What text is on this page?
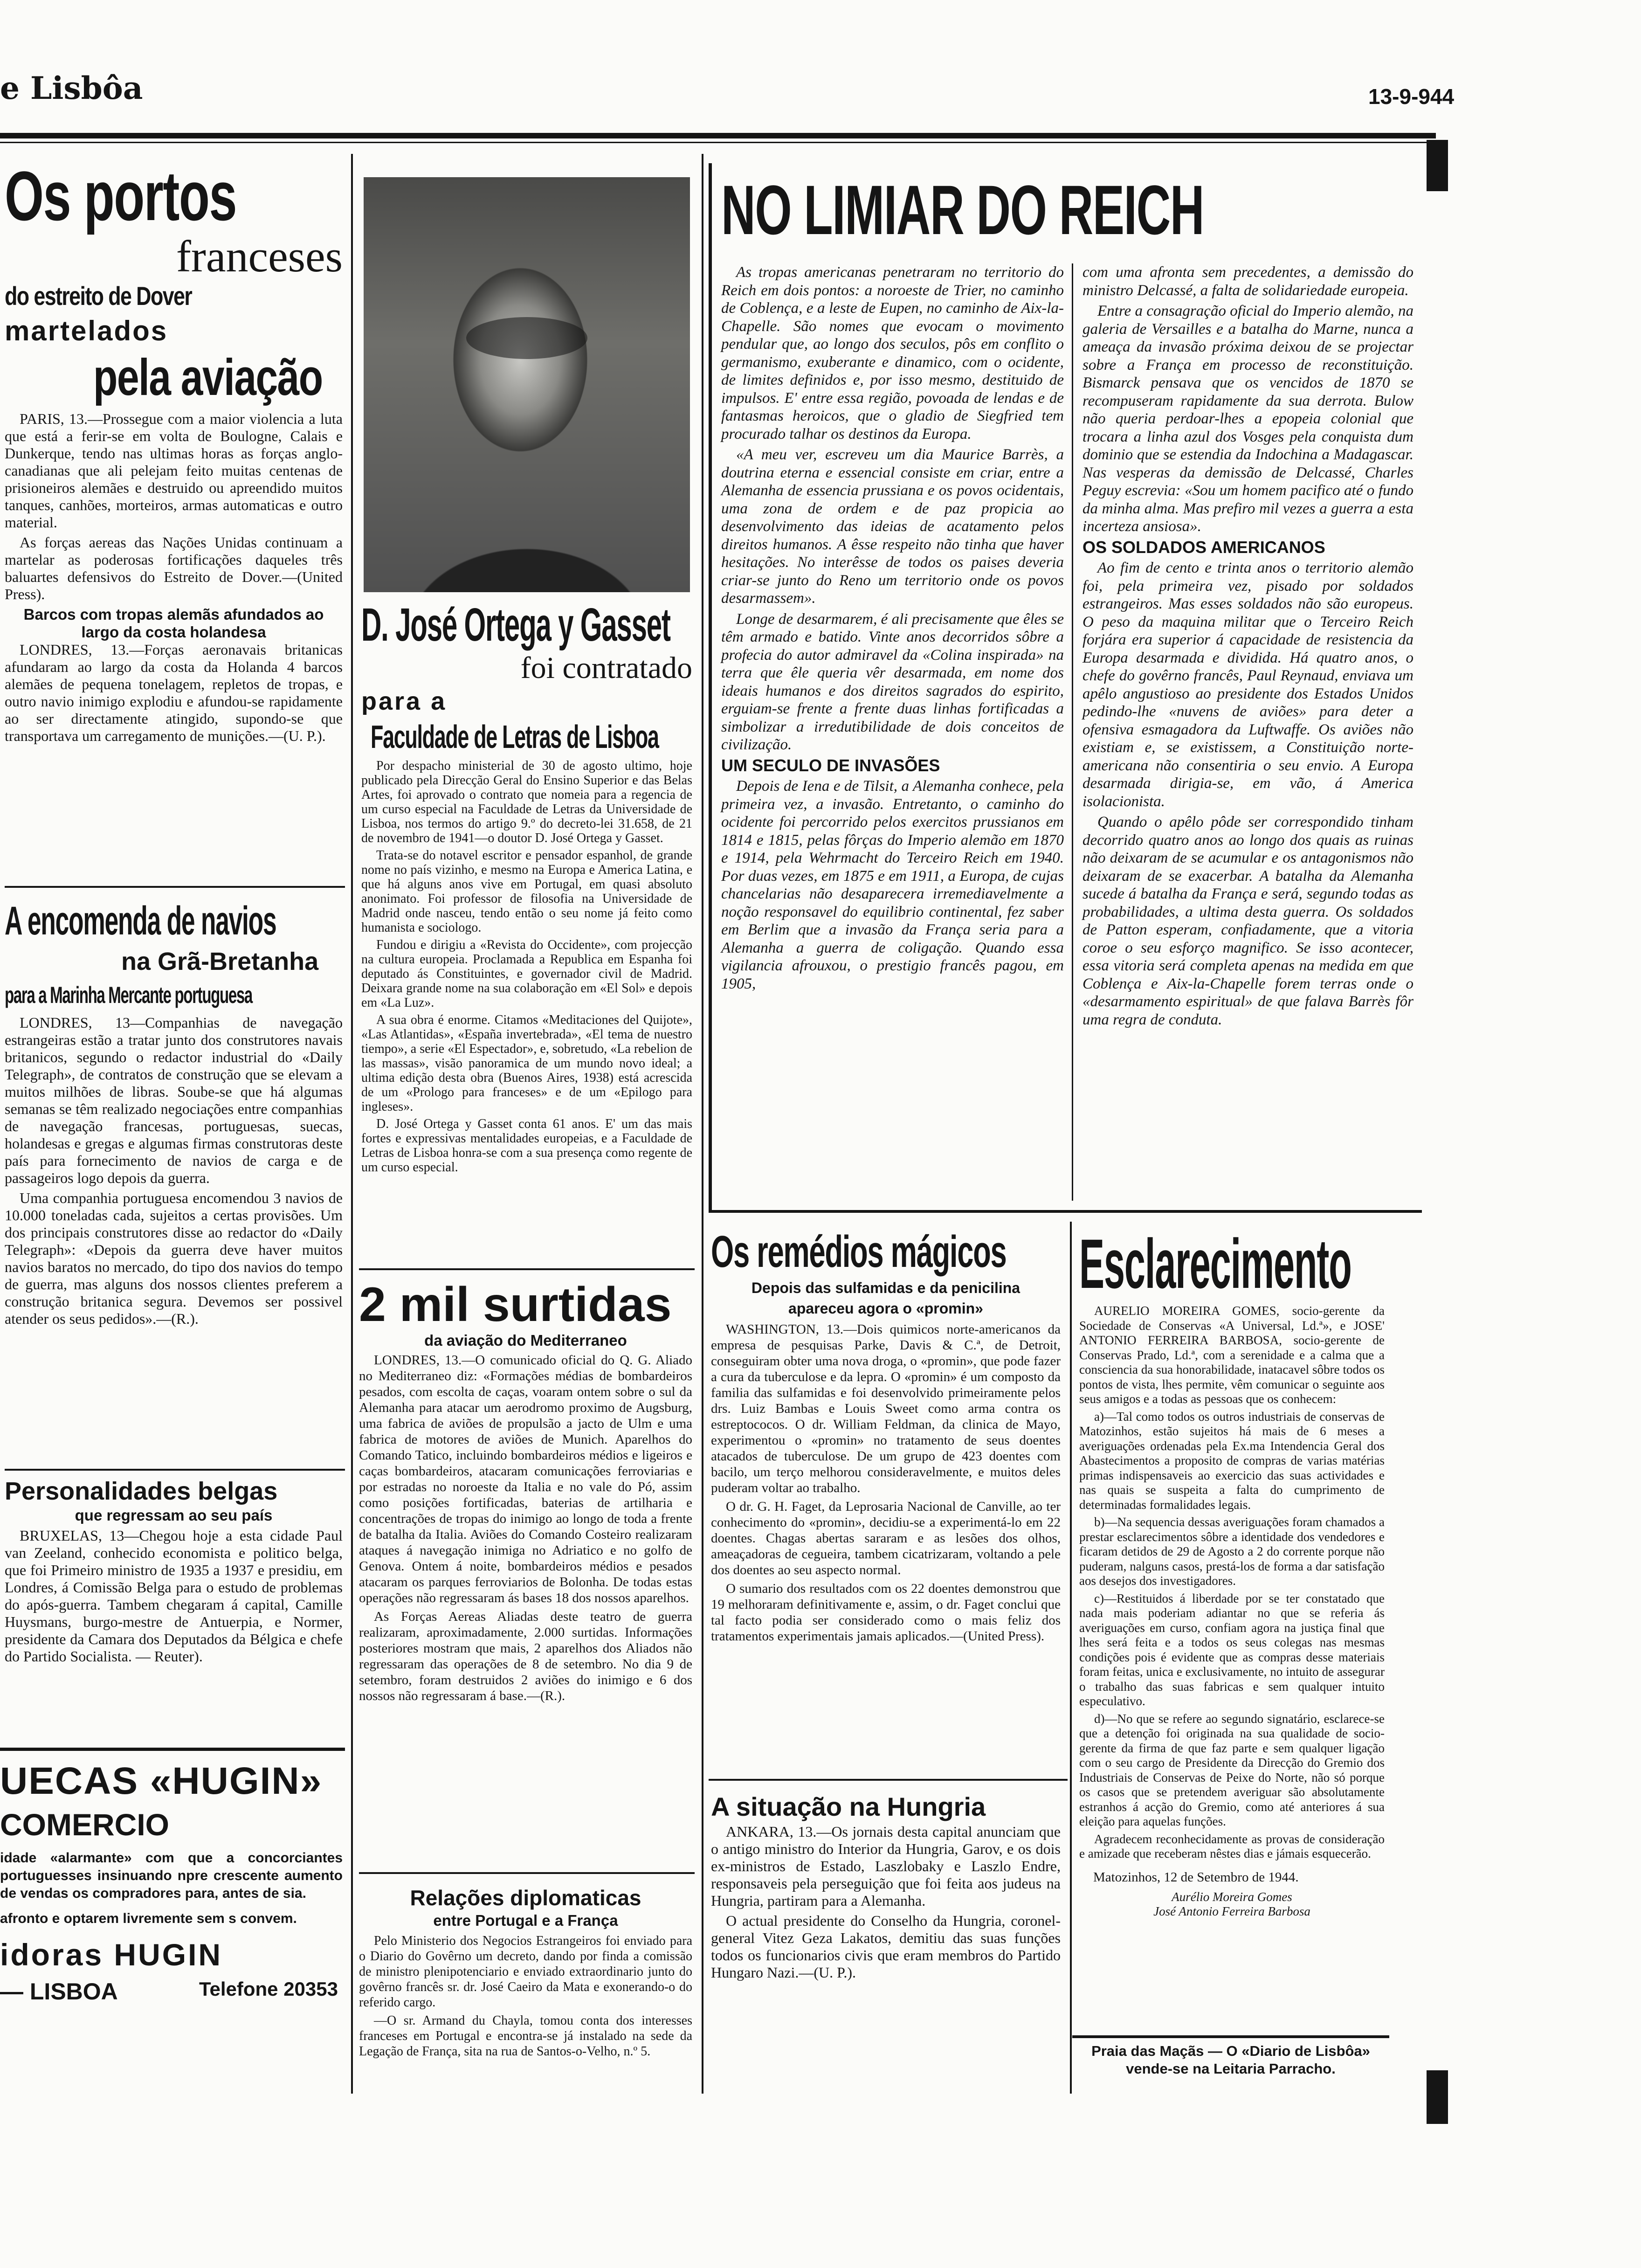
e Lisbôa	13-9-944
Os portos
franceses
do estreito de Dover
martelados
pela aviação

PARIS, 13.—Prossegue com a maior violencia a luta que está a ferir-se em volta de Boulogne, Calais e Dunkerque, tendo nas ultimas horas as forças anglo-canadianas que ali pelejam feito muitas centenas de prisioneiros alemães e destruido ou apreendido muitos tanques, canhões, morteiros, armas automaticas e outro material.

As forças aereas das Nações Unidas continuam a martelar as poderosas fortificações daqueles três baluartes defensivos do Estreito de Dover.—(United Press).

Barcos com tropas alemãs afundados ao largo da costa holandesa

LONDRES, 13.—Forças aeronavais britanicas afundaram ao largo da costa da Holanda 4 barcos alemães de pequena tonelagem, repletos de tropas, e outro navio inimigo explodiu e afundou-se rapidamente ao ser directamente atingido, supondo-se que transportava um carregamento de munições.—(U. P.).

A encomenda de navios
na Grã-Bretanha
para a Marinha Mercante portuguesa

LONDRES, 13—Companhias de navegação estrangeiras estão a tratar junto dos construtores navais britanicos, segundo o redactor industrial do «Daily Telegraph», de contratos de construção que se elevam a muitos milhões de libras. Soube-se que há algumas semanas se têm realizado negociações entre companhias de navegação francesas, portuguesas, suecas, holandesas e gregas e algumas firmas construtoras deste país para fornecimento de navios de carga e de passageiros logo depois da guerra.

Uma companhia portuguesa encomendou 3 navios de 10.000 toneladas cada, sujeitos a certas provisões. Um dos principais construtores disse ao redactor do «Daily Telegraph»: «Depois da guerra deve haver muitos navios baratos no mercado, do tipo dos navios do tempo de guerra, mas alguns dos nossos clientes preferem a construção britanica segura. Devemos ser possivel atender os seus pedidos».—(R.).

Personalidades belgas
que regressam ao seu país

BRUXELAS, 13—Chegou hoje a esta cidade Paul van Zeeland, conhecido economista e politico belga, que foi Primeiro ministro de 1935 a 1937 e presidiu, em Londres, á Comissão Belga para o estudo de problemas do após-guerra. Tambem chegaram á capital, Camille Huysmans, burgo-mestre de Antuerpia, e Normer, presidente da Camara dos Deputados da Bélgica e chefe do Partido Socialista. — Reuter).

UECAS «HUGIN»
COMERCIO

idade «alarmante» com que a concorciantes portuguesses insinuando npre crescente aumento de vendas os compradores para, antes de sia.

afronto e optarem livremente sem s convem.

idoras HUGIN
— LISBOA	Telefone 20353
D. José Ortega y Gasset
foi contratado
para a
Faculdade de Letras de Lisboa

Por despacho ministerial de 30 de agosto ultimo, hoje publicado pela Direcção Geral do Ensino Superior e das Belas Artes, foi aprovado o contrato que nomeia para a regencia de um curso especial na Faculdade de Letras da Universidade de Lisboa, nos termos do artigo 9.º do decreto-lei 31.658, de 21 de novembro de 1941—o doutor D. José Ortega y Gasset.

Trata-se do notavel escritor e pensador espanhol, de grande nome no país vizinho, e mesmo na Europa e America Latina, e que há alguns anos vive em Portugal, em quasi absoluto anonimato. Foi professor de filosofia na Universidade de Madrid onde nasceu, tendo então o seu nome já feito como humanista e sociologo.

Fundou e dirigiu a «Revista do Occidente», com projecção na cultura europeia. Proclamada a Republica em Espanha foi deputado ás Constituintes, e governador civil de Madrid. Deixara grande nome na sua colaboração em «El Sol» e depois em «La Luz».

A sua obra é enorme. Citamos «Meditaciones del Quijote», «Las Atlantidas», «España invertebrada», «El tema de nuestro tiempo», a serie «El Espectador», e, sobretudo, «La rebelion de las massas», visão panoramica de um mundo novo ideal; a ultima edição desta obra (Buenos Aires, 1938) está acrescida de um «Prologo para franceses» e de um «Epilogo para ingleses».

D. José Ortega y Gasset conta 61 anos. E' um das mais fortes e expressivas mentalidades europeias, e a Faculdade de Letras de Lisboa honra-se com a sua presença como regente de um curso especial.

2 mil surtidas
da aviação do Mediterraneo

LONDRES, 13.—O comunicado oficial do Q. G. Aliado no Mediterraneo diz: «Formações médias de bombardeiros pesados, com escolta de caças, voaram ontem sobre o sul da Alemanha para atacar um aerodromo proximo de Augsburg, uma fabrica de aviões de propulsão a jacto de Ulm e uma fabrica de motores de aviões de Munich. Aparelhos do Comando Tatico, incluindo bombardeiros médios e ligeiros e caças bombardeiros, atacaram comunicações ferroviarias e por estradas no noroeste da Italia e no vale do Pó, assim como posições fortificadas, baterias de artilharia e concentrações de tropas do inimigo ao longo de toda a frente de batalha da Italia. Aviões do Comando Costeiro realizaram ataques á navegação inimiga no Adriatico e no golfo de Genova. Ontem á noite, bombardeiros médios e pesados atacaram os parques ferroviarios de Bolonha. De todas estas operações não regressaram ás bases 18 dos nossos aparelhos.

As Forças Aereas Aliadas deste teatro de guerra realizaram, aproximadamente, 2.000 surtidas. Informações posteriores mostram que mais, 2 aparelhos dos Aliados não regressaram das operações de 8 de setembro. No dia 9 de setembro, foram destruidos 2 aviões do inimigo e 6 dos nossos não regressaram á base.—(R.).

Relações diplomaticas
entre Portugal e a França

Pelo Ministerio dos Negocios Estrangeiros foi enviado para o Diario do Govêrno um decreto, dando por finda a comissão de ministro plenipotenciario e enviado extraordinario junto do govêrno francês sr. dr. José Caeiro da Mata e exonerando-o do referido cargo.

—O sr. Armand du Chayla, tomou conta dos interesses franceses em Portugal e encontra-se já instalado na sede da Legação de França, sita na rua de Santos-o-Velho, n.º 5.

NO LIMIAR DO REICH

As tropas americanas penetraram no territorio do Reich em dois pontos: a noroeste de Trier, no caminho de Coblença, e a leste de Eupen, no caminho de Aix-la-Chapelle. São nomes que evocam o movimento pendular que, ao longo dos seculos, pôs em conflito o germanismo, exuberante e dinamico, com o ocidente, de limites definidos e, por isso mesmo, destituido de impulsos. E' entre essa região, povoada de lendas e de fantasmas heroicos, que o gladio de Siegfried tem procurado talhar os destinos da Europa.

«A meu ver, escreveu um dia Maurice Barrès, a doutrina eterna e essencial consiste em criar, entre a Alemanha de essencia prussiana e os povos ocidentais, uma zona de ordem e de paz propicia ao desenvolvimento das ideias de acatamento pelos direitos humanos. A êsse respeito não tinha que haver hesitações. No interêsse de todos os paises deveria criar-se junto do Reno um territorio onde os povos desarmassem».

Longe de desarmarem, é ali precisamente que êles se têm armado e batido. Vinte anos decorridos sôbre a profecia do autor admiravel da «Colina inspirada» na terra que êle queria vêr desarmada, em nome dos ideais humanos e dos direitos sagrados do espirito, erguiam-se frente a frente duas linhas fortificadas a simbolizar a irredutibilidade de dois conceitos de civilização.

UM SECULO DE INVASÕES

Depois de Iena e de Tilsit, a Alemanha conhece, pela primeira vez, a invasão. Entretanto, o caminho do ocidente foi percorrido pelos exercitos prussianos em 1814 e 1815, pelas fôrças do Imperio alemão em 1870 e 1914, pela Wehrmacht do Terceiro Reich em 1940. Por duas vezes, em 1875 e em 1911, a Europa, de cujas chancelarias não desaparecera irremediavelmente a noção responsavel do equilibrio continental, fez saber em Berlim que a invasão da França seria para a Alemanha a guerra de coligação. Quando essa vigilancia afrouxou, o prestigio francês pagou, em 1905,

com uma afronta sem precedentes, a demissão do ministro Delcassé, a falta de solidariedade europeia.

Entre a consagração oficial do Imperio alemão, na galeria de Versailles e a batalha do Marne, nunca a ameaça da invasão próxima deixou de se projectar sobre a França em processo de reconstituição. Bismarck pensava que os vencidos de 1870 se recompuseram rapidamente da sua derrota. Bulow não queria perdoar-lhes a epopeia colonial que trocara a linha azul dos Vosges pela conquista dum dominio que se estendia da Indochina a Madagascar. Nas vesperas da demissão de Delcassé, Charles Peguy escrevia: «Sou um homem pacifico até o fundo da minha alma. Mas prefiro mil vezes a guerra a esta incerteza ansiosa».

OS SOLDADOS AMERICANOS

Ao fim de cento e trinta anos o territorio alemão foi, pela primeira vez, pisado por soldados estrangeiros. Mas esses soldados não são europeus. O peso da maquina militar que o Terceiro Reich forjára era superior á capacidade de resistencia da Europa desarmada e dividida. Há quatro anos, o chefe do govêrno francês, Paul Reynaud, enviava um apêlo angustioso ao presidente dos Estados Unidos pedindo-lhe «nuvens de aviões» para deter a ofensiva esmagadora da Luftwaffe. Os aviões não existiam e, se existissem, a Constituição norte-americana não consentiria o seu envio. A Europa desarmada dirigia-se, em vão, á America isolacionista.

Quando o apêlo pôde ser correspondido tinham decorrido quatro anos ao longo dos quais as ruinas não deixaram de se acumular e os antagonismos não deixaram de se exacerbar. A batalha da Alemanha sucede á batalha da França e será, segundo todas as probabilidades, a ultima desta guerra. Os soldados de Patton esperam, confiadamente, que a vitoria coroe o seu esforço magnifico. Se isso acontecer, essa vitoria será completa apenas na medida em que Coblença e Aix-la-Chapelle forem terras onde o «desarmamento espiritual» de que falava Barrès fôr uma regra de conduta.

Os remédios mágicos
Depois das sulfamidas e da penicilina apareceu agora o «promin»

WASHINGTON, 13.—Dois quimicos norte-americanos da empresa de pesquisas Parke, Davis & C.ª, de Detroit, conseguiram obter uma nova droga, o «promin», que pode fazer a cura da tuberculose e da lepra. O «promin» é um composto da familia das sulfamidas e foi desenvolvido primeiramente pelos drs. Luiz Bambas e Louis Sweet como arma contra os estreptococos. O dr. William Feldman, da clinica de Mayo, experimentou o «promin» no tratamento de seus doentes atacados de tuberculose. De um grupo de 423 doentes com bacilo, um terço melhorou consideravelmente, e muitos deles puderam voltar ao trabalho.

O dr. G. H. Faget, da Leprosaria Nacional de Canville, ao ter conhecimento do «promin», decidiu-se a experimentá-lo em 22 doentes. Chagas abertas sararam e as lesões dos olhos, ameaçadoras de cegueira, tambem cicatrizaram, voltando a pele dos doentes ao seu aspecto normal.

O sumario dos resultados com os 22 doentes demonstrou que 19 melhoraram definitivamente e, assim, o dr. Faget conclui que tal facto podia ser considerado como o mais feliz dos tratamentos experimentais jamais aplicados.—(United Press).

A situação na Hungria

ANKARA, 13.—Os jornais desta capital anunciam que o antigo ministro do Interior da Hungria, Garov, e os dois ex-ministros de Estado, Laszlobaky e Laszlo Endre, responsaveis pela perseguição que foi feita aos judeus na Hungria, partiram para a Alemanha.

O actual presidente do Conselho da Hungria, coronel-general Vitez Geza Lakatos, demitiu das suas funções todos os funcionarios civis que eram membros do Partido Hungaro Nazi.—(U. P.).

Esclarecimento

AURELIO MOREIRA GOMES, socio-gerente da Sociedade de Conservas «A Universal, Ld.ª», e JOSE' ANTONIO FERREIRA BARBOSA, socio-gerente de Conservas Prado, Ld.ª, com a serenidade e a calma que a consciencia da sua honorabilidade, inatacavel sôbre todos os pontos de vista, lhes permite, vêm comunicar o seguinte aos seus amigos e a todas as pessoas que os conhecem:

a)—Tal como todos os outros industriais de conservas de Matozinhos, estão sujeitos há mais de 6 meses a averiguações ordenadas pela Ex.ma Intendencia Geral dos Abastecimentos a proposito de compras de varias matérias primas indispensaveis ao exercicio das suas actividades e nas quais se suspeita a falta do cumprimento de determinadas formalidades legais.

b)—Na sequencia dessas averiguações foram chamados a prestar esclarecimentos sôbre a identidade dos vendedores e ficaram detidos de 29 de Agosto a 2 do corrente porque não puderam, nalguns casos, prestá-los de forma a dar satisfação aos desejos dos investigadores.

c)—Restituidos á liberdade por se ter constatado que nada mais poderiam adiantar no que se referia ás averiguações em curso, confiam agora na justiça final que lhes será feita e a todos os seus colegas nas mesmas condições pois é evidente que as compras desse materiais foram feitas, unica e exclusivamente, no intuito de assegurar o trabalho das suas fabricas e sem qualquer intuito especulativo.

d)—No que se refere ao segundo signatário, esclarece-se que a detenção foi originada na sua qualidade de socio-gerente da firma de que faz parte e sem qualquer ligação com o seu cargo de Presidente da Direcção do Gremio dos Industriais de Conservas de Peixe do Norte, não só porque os casos que se pretendem averiguar são absolutamente estranhos á acção do Gremio, como até anteriores á sua eleição para aquelas funções.

Agradecem reconhecidamente as provas de consideração e amizade que receberam nêstes dias e jámais esquecerão.

Matozinhos, 12 de Setembro de 1944.
Aurélio Moreira Gomes
José Antonio Ferreira Barbosa
Praia das Maçãs — O «Diario de Lisbôa» vende-se na Leitaria Parracho.
